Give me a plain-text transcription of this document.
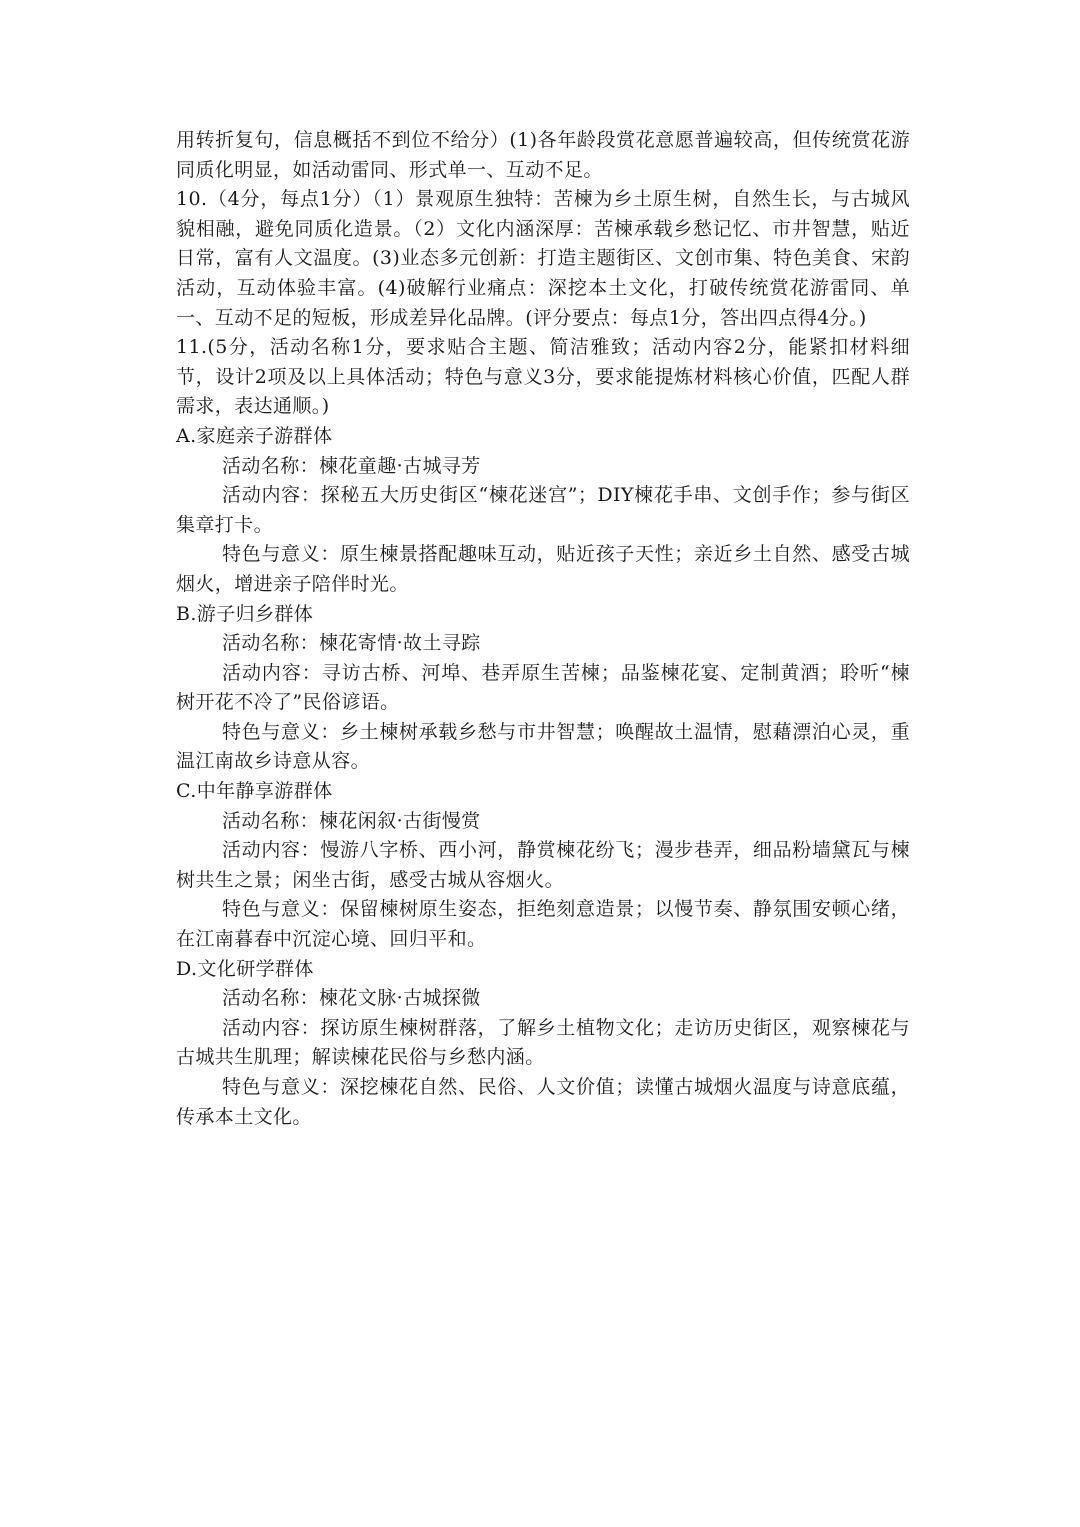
用转折复句，信息概括不到位不给分）(1)各年龄段赏花意愿普遍较高，但传统赏花游同质化明显，如活动雷同、形式单一、互动不足。

10.（4分，每点1分）（1）景观原生独特：苦楝为乡土原生树，自然生长，与古城风貌相融，避免同质化造景。（2）文化内涵深厚：苦楝承载乡愁记忆、市井智慧，贴近日常，富有人文温度。(3)业态多元创新：打造主题街区、文创市集、特色美食、宋韵活动，互动体验丰富。(4)破解行业痛点：深挖本土文化，打破传统赏花游雷同、单一、互动不足的短板，形成差异化品牌。(评分要点：每点1分，答出四点得4分。)

11.(5分，活动名称1分，要求贴合主题、简洁雅致；活动内容2分，能紧扣材料细节，设计2项及以上具体活动；特色与意义3分，要求能提炼材料核心价值，匹配人群需求，表达通顺。)

A.家庭亲子游群体

活动名称：楝花童趣·古城寻芳

活动内容：探秘五大历史街区“楝花迷宫”；DIY楝花手串、文创手作；参与街区集章打卡。

特色与意义：原生楝景搭配趣味互动，贴近孩子天性；亲近乡土自然、感受古城烟火，增进亲子陪伴时光。

B.游子归乡群体

活动名称：楝花寄情·故土寻踪

活动内容：寻访古桥、河埠、巷弄原生苦楝；品鉴楝花宴、定制黄酒；聆听“楝树开花不冷了”民俗谚语。

特色与意义：乡土楝树承载乡愁与市井智慧；唤醒故土温情，慰藉漂泊心灵，重温江南故乡诗意从容。

C.中年静享游群体

活动名称：楝花闲叙·古街慢赏

活动内容：慢游八字桥、西小河，静赏楝花纷飞；漫步巷弄，细品粉墙黛瓦与楝树共生之景；闲坐古街，感受古城从容烟火。

特色与意义：保留楝树原生姿态，拒绝刻意造景；以慢节奏、静氛围安顿心绪，在江南暮春中沉淀心境、回归平和。

D.文化研学群体

活动名称：楝花文脉·古城探微

活动内容：探访原生楝树群落，了解乡土植物文化；走访历史街区，观察楝花与古城共生肌理；解读楝花民俗与乡愁内涵。

特色与意义：深挖楝花自然、民俗、人文价值；读懂古城烟火温度与诗意底蕴，传承本土文化。
